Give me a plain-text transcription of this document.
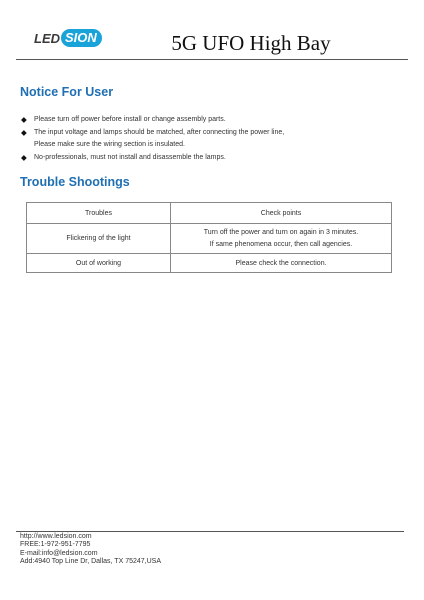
LED SION	5G UFO High Bay
Notice For User
◆	Please turn off power before install or change assembly parts.
◆	The input voltage and lamps should be matched, after connecting the power line,
Please make sure the wiring section is insulated.
◆	No-professionals, must not install and disassemble the lamps.
Trouble Shootings
Troubles	Check points
Flickering of the light	Turn off the power and turn on again in 3 minutes.
If same phenomena occur, then call agencies.

Out of working	Please check the connection.
http://www.ledsion.com
FREE:1-972-951-7795
E-mail:info@ledsion.com
Add:4940 Top Line Dr, Dallas, TX 75247,USA
